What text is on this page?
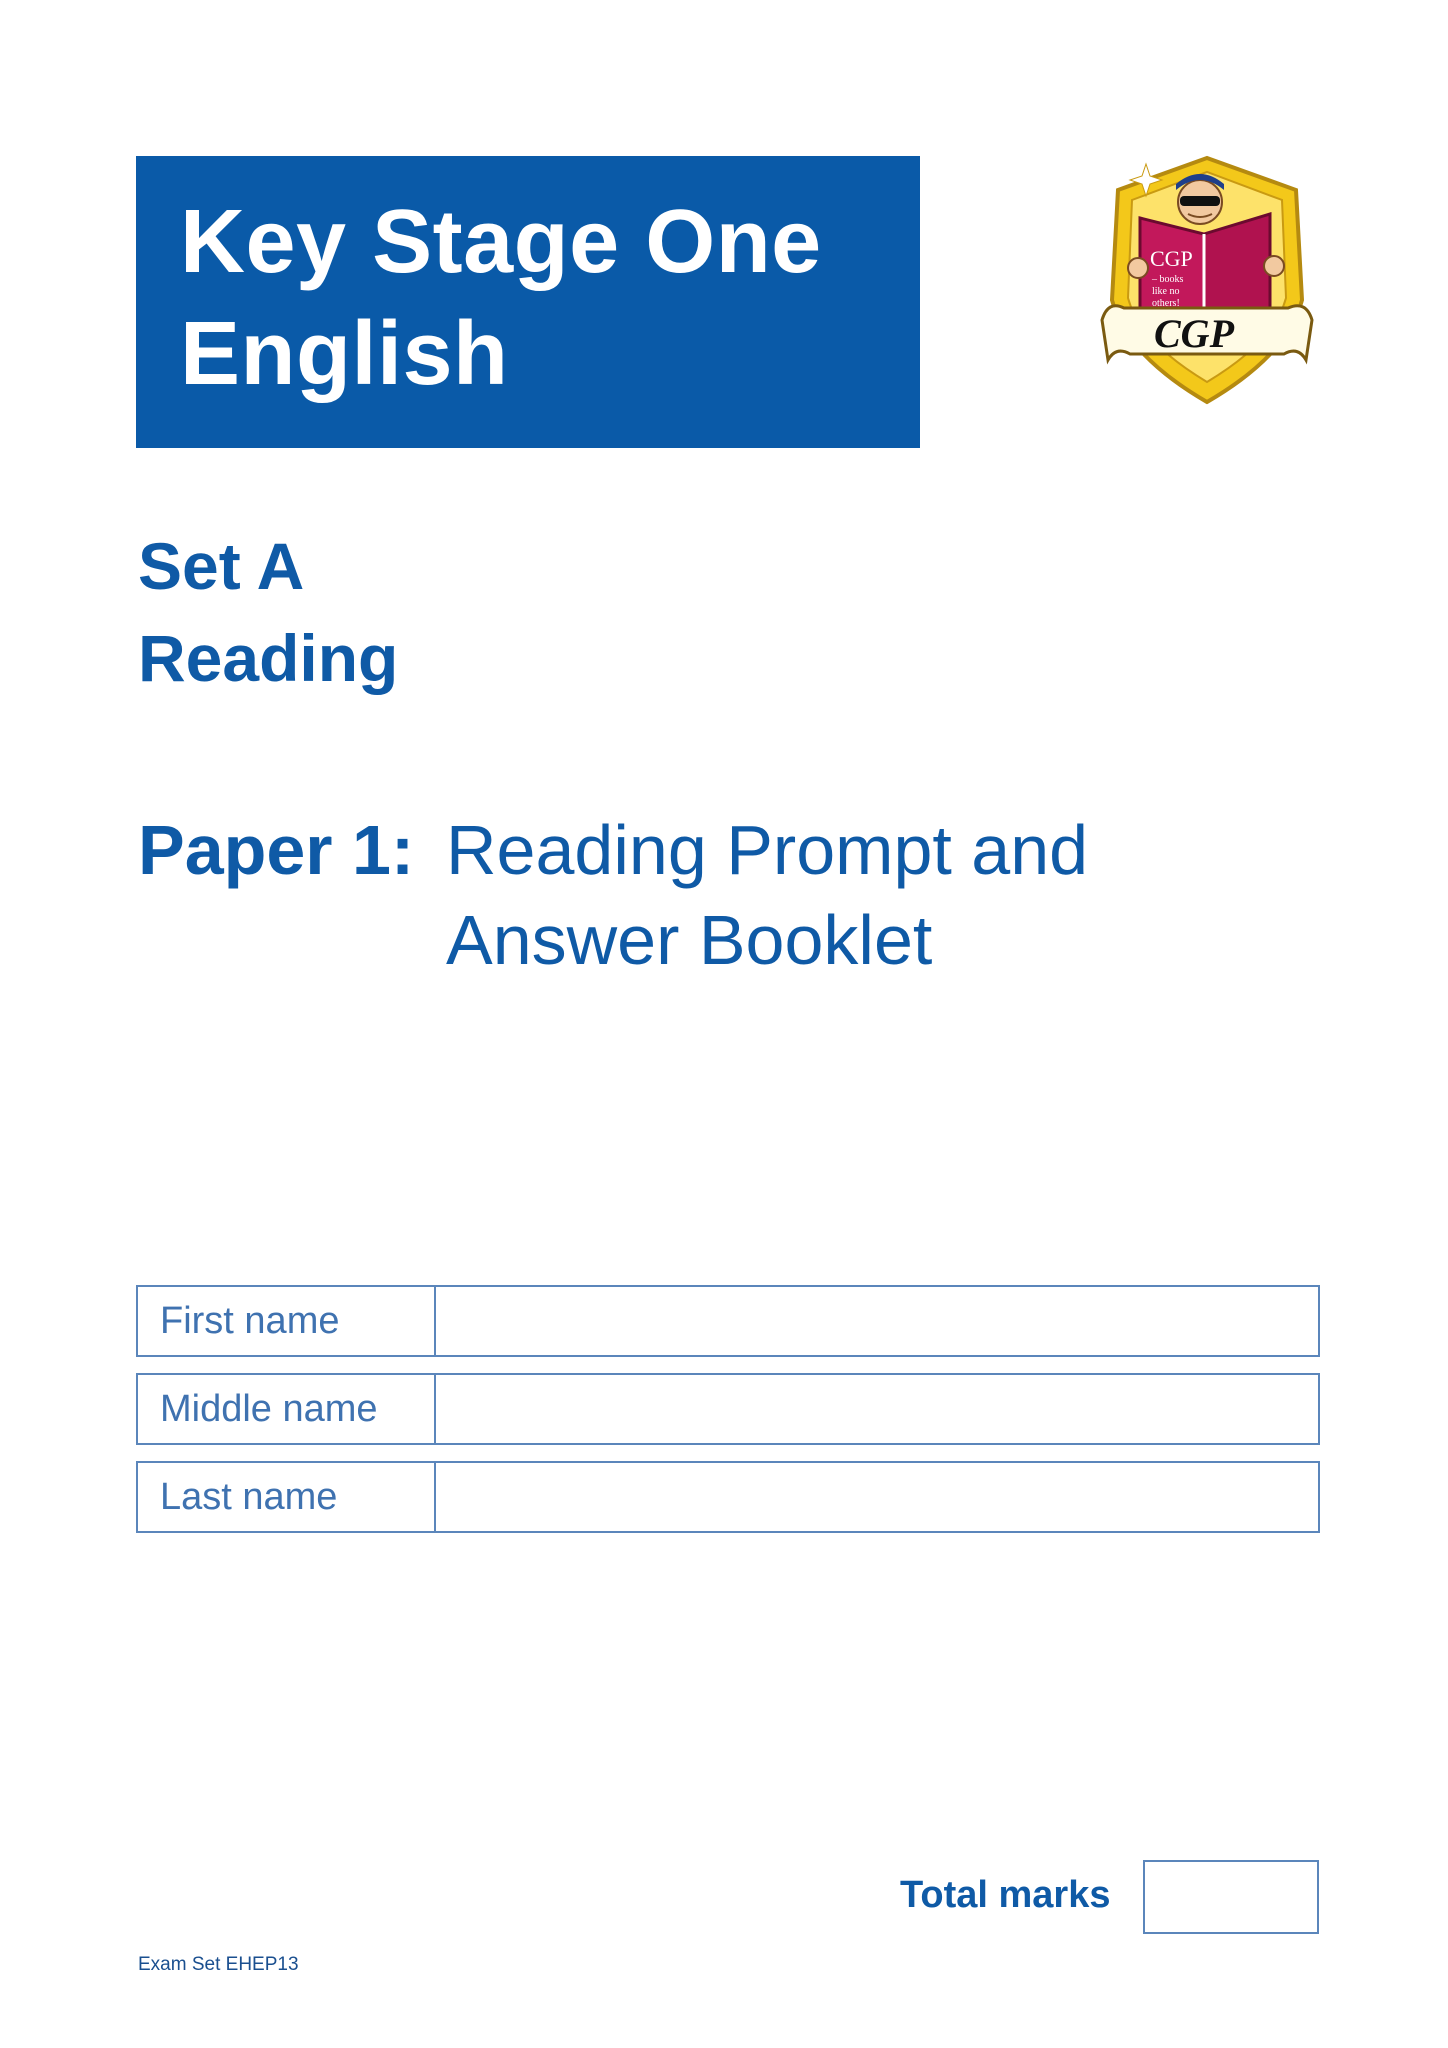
Key Stage One
English
CGP
– books like no others!
CGP
Set A
Reading
Paper 1: Reading Prompt and
Answer Booklet
First name
Middle name
Last name
Total marks
Exam Set EHEP13
